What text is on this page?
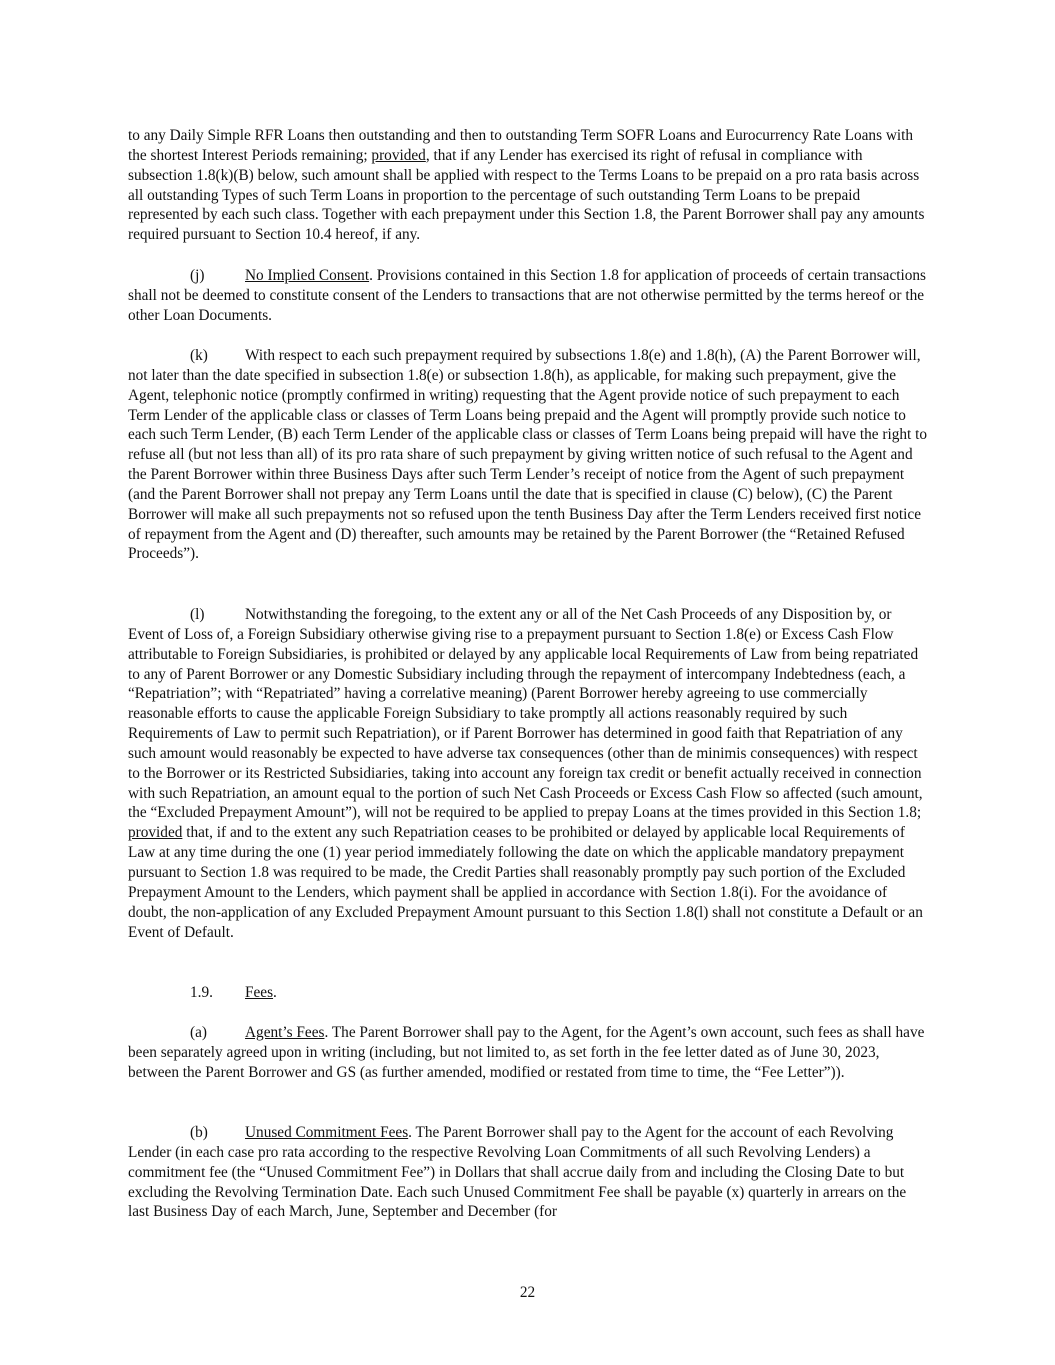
to any Daily Simple RFR Loans then outstanding and then to outstanding Term SOFR Loans and Eurocurrency Rate Loans with the shortest Interest Periods remaining; provided, that if any Lender has exercised its right of refusal in compliance with subsection 1.8(k)(B) below, such amount shall be applied with respect to the Terms Loans to be prepaid on a pro rata basis across all outstanding Types of such Term Loans in proportion to the percentage of such outstanding Term Loans to be prepaid represented by each such class. Together with each prepayment under this Section 1.8, the Parent Borrower shall pay any amounts required pursuant to Section 10.4 hereof, if any.

(j)	No Implied Consent. Provisions contained in this Section 1.8 for application of proceeds of certain transactions shall not be deemed to constitute consent of the Lenders to transactions that are not otherwise permitted by the terms hereof or the other Loan Documents.

(k) With respect to each such prepayment required by subsections 1.8(e) and 1.8(h), (A) the Parent Borrower will, not later than the date specified in subsection 1.8(e) or subsection 1.8(h), as applicable, for making such prepayment, give the Agent, telephonic notice (promptly confirmed in writing) requesting that the Agent provide notice of such prepayment to each Term Lender of the applicable class or classes of Term Loans being prepaid and the Agent will promptly provide such notice to each such Term Lender, (B) each Term Lender of the applicable class or classes of Term Loans being prepaid will have the right to refuse all (but not less than all) of its pro rata share of such prepayment by giving written notice of such refusal to the Agent and the Parent Borrower within three Business Days after such Term Lender’s receipt of notice from the Agent of such prepayment (and the Parent Borrower shall not prepay any Term Loans until the date that is specified in clause (C) below), (C) the Parent Borrower will make all such prepayments not so refused upon the tenth Business Day after the Term Lenders received first notice of repayment from the Agent and (D) thereafter, such amounts may be retained by the Parent Borrower (the “Retained Refused Proceeds”).

(l)	Notwithstanding the foregoing, to the extent any or all of the Net Cash Proceeds of any Disposition by, or Event of Loss of, a Foreign Subsidiary otherwise giving rise to a prepayment pursuant to Section 1.8(e) or Excess Cash Flow attributable to Foreign Subsidiaries, is prohibited or delayed by any applicable local Requirements of Law from being repatriated to any of Parent Borrower or any Domestic Subsidiary including through the repayment of intercompany Indebtedness (each, a “Repatriation”; with “Repatriated” having a correlative meaning) (Parent Borrower hereby agreeing to use commercially reasonable efforts to cause the applicable Foreign Subsidiary to take promptly all actions reasonably required by such Requirements of Law to permit such Repatriation), or if Parent Borrower has determined in good faith that Repatriation of any such amount would reasonably be expected to have adverse tax consequences (other than de minimis consequences) with respect to the Borrower or its Restricted Subsidiaries, taking into account any foreign tax credit or benefit actually received in connection with such Repatriation, an amount equal to the portion of such Net Cash Proceeds or Excess Cash Flow so affected (such amount, the “Excluded Prepayment Amount”), will not be required to be applied to prepay Loans at the times provided in this Section 1.8; provided that, if and to the extent any such Repatriation ceases to be prohibited or delayed by applicable local Requirements of Law at any time during the one (1) year period immediately following the date on which the applicable mandatory prepayment pursuant to Section 1.8 was required to be made, the Credit Parties shall reasonably promptly pay such portion of the Excluded Prepayment Amount to the Lenders, which payment shall be applied in accordance with Section 1.8(i). For the avoidance of doubt, the non-application of any Excluded Prepayment Amount pursuant to this Section 1.8(l) shall not constitute a Default or an Event of Default.

1.9. Fees.

(a) Agent’s Fees. The Parent Borrower shall pay to the Agent, for the Agent’s own account, such fees as shall have been separately agreed upon in writing (including, but not limited to, as set forth in the fee letter dated as of June 30, 2023, between the Parent Borrower and GS (as further amended, modified or restated from time to time, the “Fee Letter”)).

(b) Unused Commitment Fees. The Parent Borrower shall pay to the Agent for the account of each Revolving Lender (in each case pro rata according to the respective Revolving Loan Commitments of all such Revolving Lenders) a commitment fee (the “Unused Commitment Fee”) in Dollars that shall accrue daily from and including the Closing Date to but excluding the Revolving Termination Date. Each such Unused Commitment Fee shall be payable (x) quarterly in arrears on the last Business Day of each March, June, September and December (for

22
